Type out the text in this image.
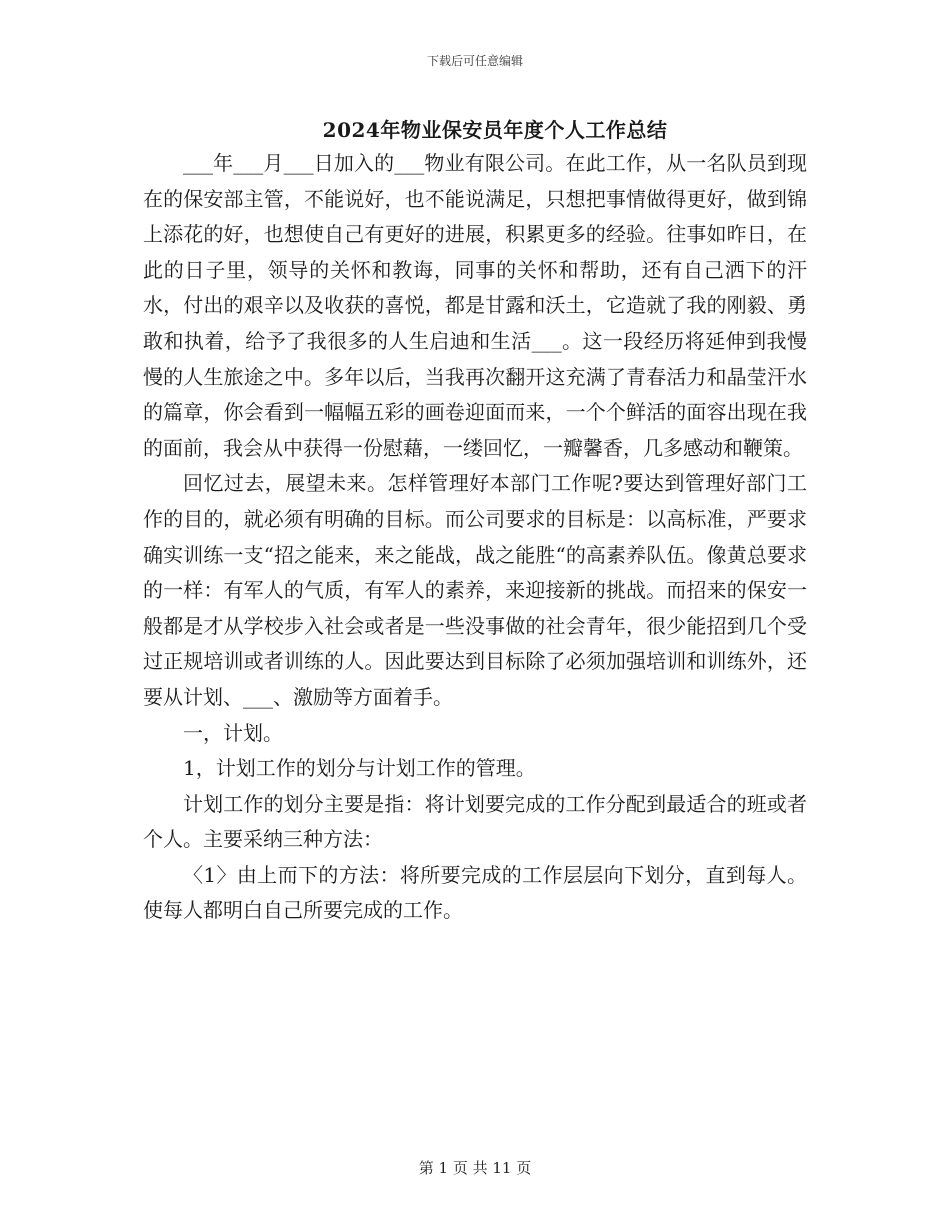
下载后可任意编辑
2024年物业保安员年度个人工作总结

___年___月___日加入的___物业有限公司。在此工作，从一名队员到现在的保安部主管，不能说好，也不能说满足，只想把事情做得更好，做到锦上添花的好，也想使自己有更好的进展，积累更多的经验。往事如昨日，在此的日子里，领导的关怀和教诲，同事的关怀和帮助，还有自己洒下的汗水，付出的艰辛以及收获的喜悦，都是甘露和沃土，它造就了我的刚毅、勇敢和执着，给予了我很多的人生启迪和生活___。这一段经历将延伸到我慢慢的人生旅途之中。多年以后，当我再次翻开这充满了青春活力和晶莹汗水的篇章，你会看到一幅幅五彩的画卷迎面而来，一个个鲜活的面容出现在我的面前，我会从中获得一份慰藉，一缕回忆，一瓣馨香，几多感动和鞭策。

回忆过去，展望未来。怎样管理好本部门工作呢?要达到管理好部门工作的目的，就必须有明确的目标。而公司要求的目标是：以高标准，严要求确实训练一支“招之能来，来之能战，战之能胜“的高素养队伍。像黄总要求的一样：有军人的气质，有军人的素养，来迎接新的挑战。而招来的保安一般都是才从学校步入社会或者是一些没事做的社会青年，很少能招到几个受过正规培训或者训练的人。因此要达到目标除了必须加强培训和训练外，还要从计划、___、激励等方面着手。

一，计划。

1，计划工作的划分与计划工作的管理。

计划工作的划分主要是指：将计划要完成的工作分配到最适合的班或者个人。主要采纳三种方法：

〈1〉由上而下的方法：将所要完成的工作层层向下划分，直到每人。使每人都明白自己所要完成的工作。

第 1 页 共 11 页
